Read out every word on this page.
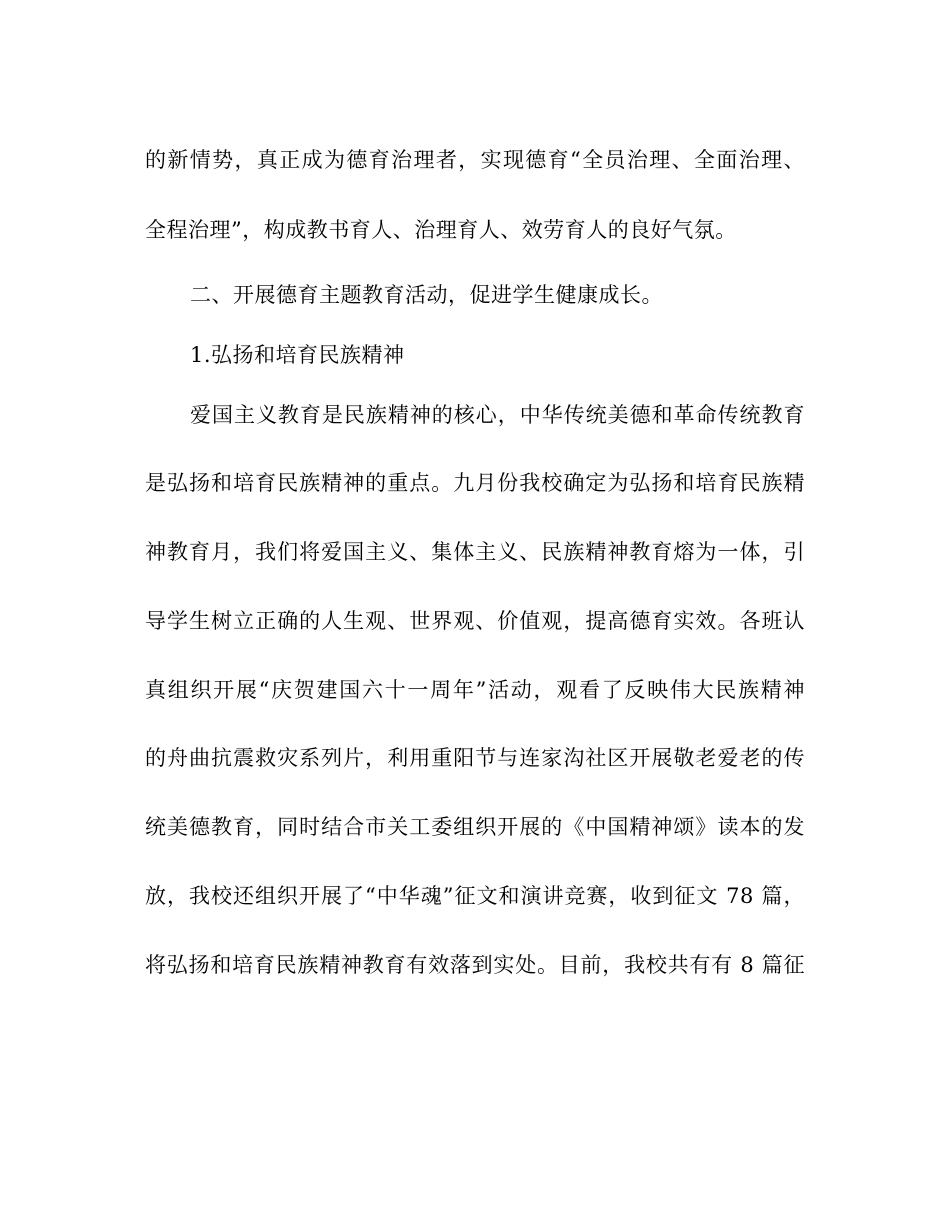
的新情势，真正成为德育治理者，实现德育“全员治理、全面治理、
全程治理”，构成教书育人、治理育人、效劳育人的良好气氛。
二、开展德育主题教育活动，促进学生健康成长。
1.弘扬和培育民族精神
爱国主义教育是民族精神的核心，中华传统美德和革命传统教育
是弘扬和培育民族精神的重点。九月份我校确定为弘扬和培育民族精
神教育月，我们将爱国主义、集体主义、民族精神教育熔为一体，引
导学生树立正确的人生观、世界观、价值观，提高德育实效。各班认
真组织开展“庆贺建国六十一周年”活动，观看了反映伟大民族精神
的舟曲抗震救灾系列片，利用重阳节与连家沟社区开展敬老爱老的传
统美德教育，同时结合市关工委组织开展的《中国精神颂》读本的发
放，我校还组织开展了“中华魂”征文和演讲竞赛，收到征文 78 篇，
将弘扬和培育民族精神教育有效落到实处。目前，我校共有有 8 篇征
